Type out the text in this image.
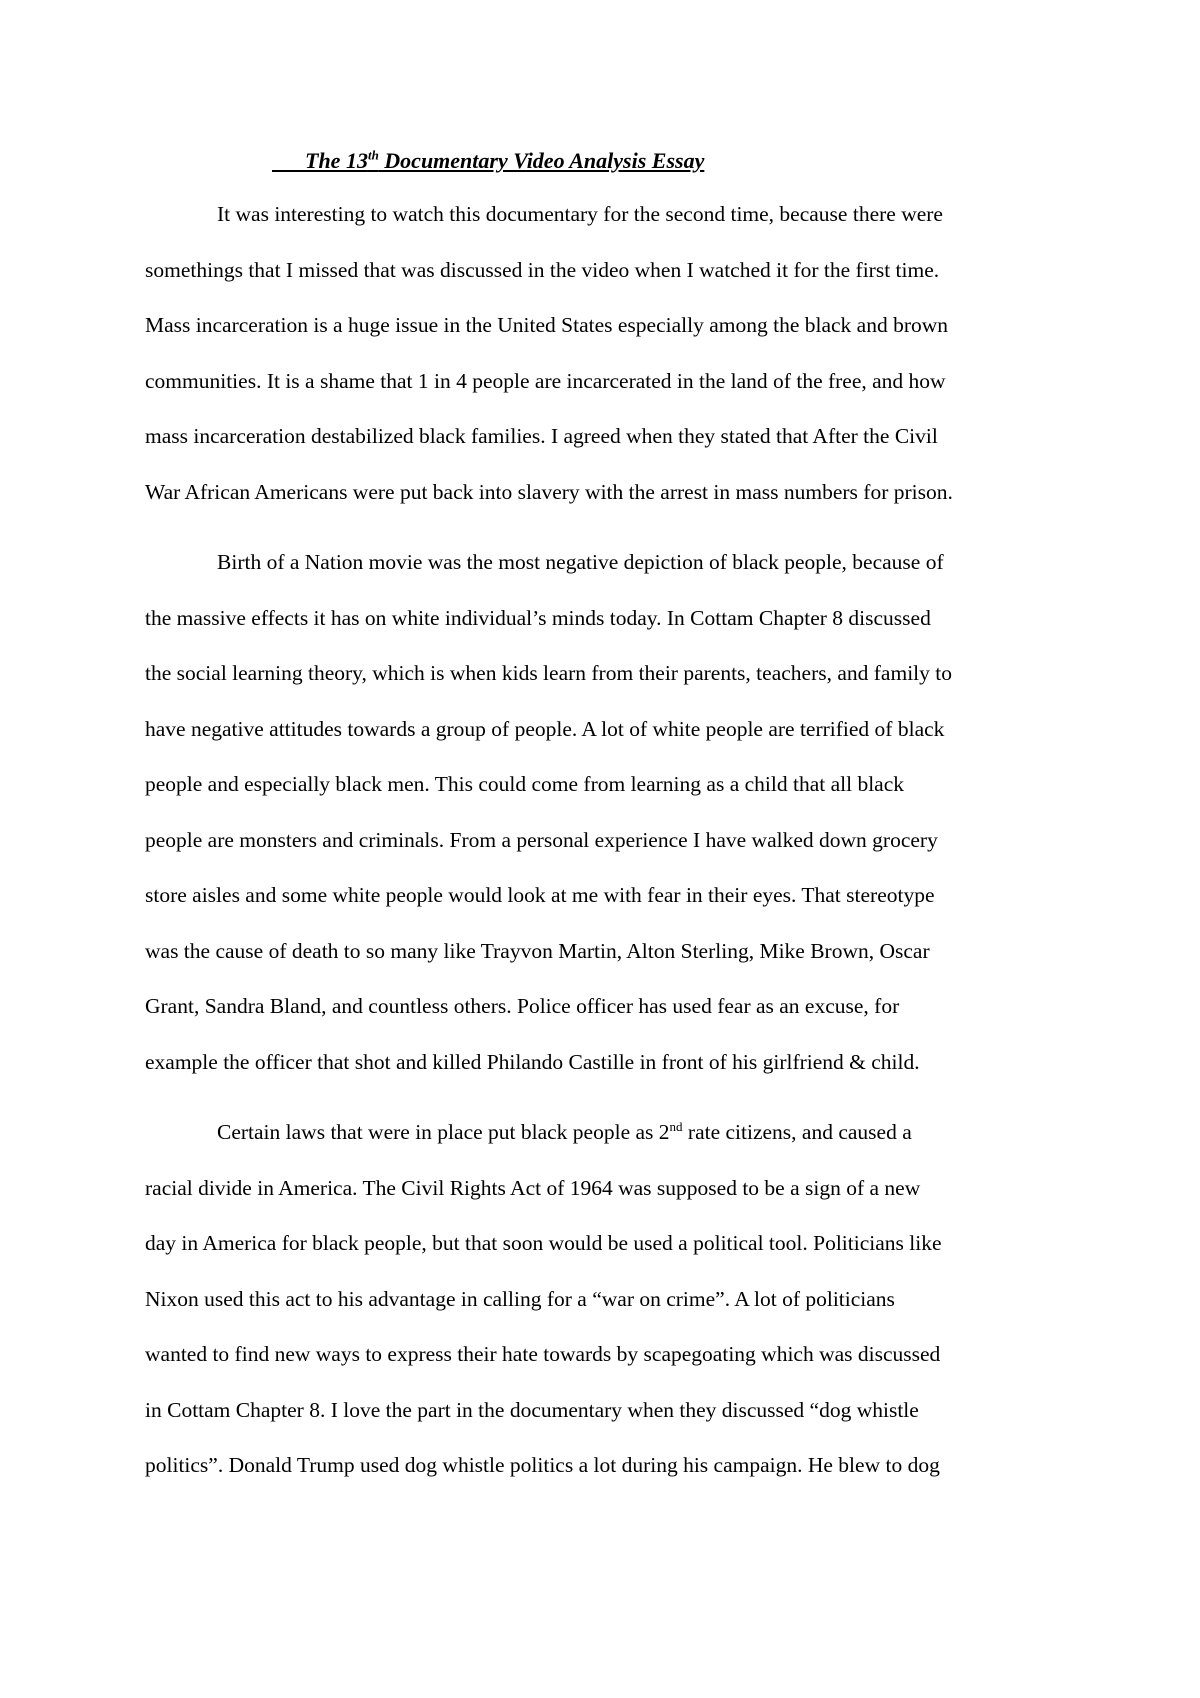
The 13th Documentary Video Analysis Essay
It was interesting to watch this documentary for the second time, because there were
somethings that I missed that was discussed in the video when I watched it for the first time.
Mass incarceration is a huge issue in the United States especially among the black and brown
communities. It is a shame that 1 in 4 people are incarcerated in the land of the free, and how
mass incarceration destabilized black families. I agreed when they stated that After the Civil
War African Americans were put back into slavery with the arrest in mass numbers for prison.
Birth of a Nation movie was the most negative depiction of black people, because of
the massive effects it has on white individual’s minds today. In Cottam Chapter 8 discussed
the social learning theory, which is when kids learn from their parents, teachers, and family to
have negative attitudes towards a group of people. A lot of white people are terrified of black
people and especially black men. This could come from learning as a child that all black
people are monsters and criminals. From a personal experience I have walked down grocery
store aisles and some white people would look at me with fear in their eyes. That stereotype
was the cause of death to so many like Trayvon Martin, Alton Sterling, Mike Brown, Oscar
Grant, Sandra Bland, and countless others. Police officer has used fear as an excuse, for
example the officer that shot and killed Philando Castille in front of his girlfriend & child.
Certain laws that were in place put black people as 2nd rate citizens, and caused a
racial divide in America. The Civil Rights Act of 1964 was supposed to be a sign of a new
day in America for black people, but that soon would be used a political tool. Politicians like
Nixon used this act to his advantage in calling for a “war on crime”. A lot of politicians
wanted to find new ways to express their hate towards by scapegoating which was discussed
in Cottam Chapter 8. I love the part in the documentary when they discussed “dog whistle
politics”. Donald Trump used dog whistle politics a lot during his campaign. He blew to dog
